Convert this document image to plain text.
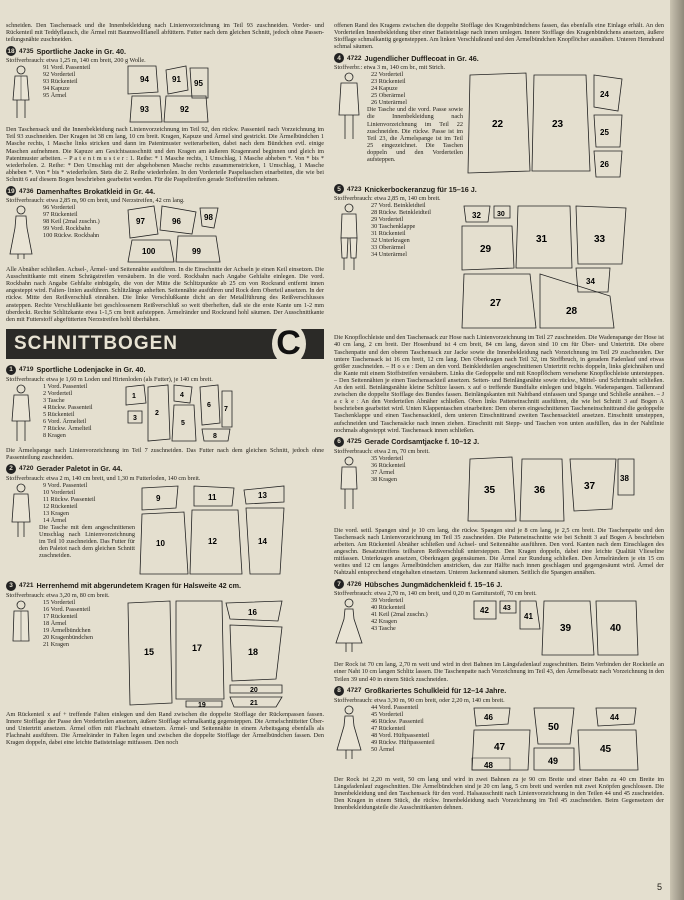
schneiden. Den Taschensack und die Innenbekleidung nach Linienvorzeichnung im Teil 93 zuschneiden. Vorder- und Rückenteil mit Teddyflausch, die Ärmel mit Baumwollflanell abfüttern. Futter nach dem gleichen Schnitt, jedoch ohne Passen- teilungsnähte zuschneiden.

18 4735 Sportliche Jacke in Gr. 40.
Stoffverbrauch: etwa 1,25 m, 140 cm breit, 200 g Wolle.
91 Vord. Passenteil
92 Vorderteil
93 Rückenteil
94 Kapuze
95 Ärmel
94	91 95
93	92

Den Taschensack und die Innenbekleidung nach Linienvorzeichnung im Teil 92, den rückw. Passenteil nach Vorzeichnung im Teil 93 zuschneiden. Der Kragen ist 38 cm lang, 10 cm breit. Kragen, Kapuze und Ärmel sind gestrickt. Die Ärmelbündchen 1 Masche rechts, 1 Masche links stricken und dann im Patentmuster weiterarbeiten, dabei nach dem Bündchen evtl. einige Maschen aufnehmen. Die Kapuze am Gesichtsausschnitt und den Kragen am äußeren Kragenrand beginnen und gleich im Patentmuster arbeiten. – P a t e n t m u s t e r : 1. Reihe: * 1 Masche rechts, 1 Umschlag, 1 Masche abheben *. Von * bis * wiederholen. 2. Reihe: * Den Umschlag mit der abgehobenen Masche rechts zusammenstricken, 1 Umschlag, 1 Masche abheben *. Von * bis * wiederholen. Stets die 2. Reihe wiederholen. In den Vorderteile Paspeltaschen einarbeiten, die wie bei Schnitt 6 auf diesem Bogen beschrieben gearbeitet werden. Für die Paspeltreifen gerade Stoffstreifen nehmen.

19 4736 Damenhaftes Brokatkleid in Gr. 44.
Stoffverbrauch: etwa 2,85 m, 90 cm breit, und Nerzstreifen, 42 cm lang.
96 Vorderteil
97 Rückenteil
98 Keil (2mal zuschn.)
99 Vord. Rockbahn
100 Rückw. Rockbahn
97	96	98
100	99

Alle Abnäher schließen. Achsel-, Ärmel- und Seitennähte ausführen. In die Einschnitte der Achseln je einen Keil einsetzen. Die Ausschnittkante mit einem Schrägstreifen versäubern. In die vord. Rockbahn nach Angabe Gehfalte einlegen. Die vord. Rockbahn nach Angabe Gehfalte einbügeln, die von der Mitte die Schlitzpunkte ab 25 cm von Rockrand entfernt innen angesteppt wird. Falten- linien ausführen. Schlitzlänge anheften. Seitennähte ausführen und Rock dem Oberteil ansetzen. In der rückw. Mitte den Reißverschluß einnähen. Die linke Verschlußkante dicht an der Metallführung des Reißverschlusses ansteppen. Rechte Verschlußkante bei geschlossenem Reißverschluß so weit überheften, daß sie die erste Kante um 1-2 mm überdeckt. Rechte Schlitzkante etwa 1-1,5 cm breit aufsteppen. Ärmelränder und Rockrand hohl säumen. Der Ausschnittkante den mit Futterstoff abgefütterten Nerzstreifen hohl überhähen.

SCHNITTBOGEN	C
1 4719 Sportliche Lodenjacke in Gr. 40.
Stoffverbrauch: etwa je 1,60 m Loden und Hirtenloden (als Futter), je 140 cm breit.
1 Vord. Passenteil
2 Vorderteil
3 Tasche
4 Rückw. Passenteil
5 Rückenteil
6 Vord. Ärmelteil
7 Rückw. Ärmelteil
8 Kragen
1
2
4
5
6
7
8
3

Die Ärmelspange nach Linienvorzeichnung im Teil 7 zuschneiden. Das Futter nach dem gleichen Schnitt, jedoch ohne Passenteilung zuschneiden.

2 4720 Gerader Paletot in Gr. 44.
Stoffverbrauch: etwa 2 m, 140 cm breit, und 1,30 m Futterloden, 140 cm breit.
9 Vord. Passenteil
10 Vorderteil
11 Rückw. Passenteil
12 Rückenteil
13 Kragen
14 Ärmel

Die Tasche mit dem angeschnittenen Umschlag nach Linienvorzeichnung im Teil 10 zuschneiden. Das Futter für den Paletot nach dem gleichen Schnitt zuschneiden.

9
10
11
12
13
14
3 4721 Herrenhemd mit abgerundetem Kragen für Halsweite 42 cm.
Stoffverbrauch: etwa 3,20 m, 80 cm breit.
15 Vorderteil
16 Vord. Passenteil
17 Rückenteil
18 Ärmel
19 Ärmelbündchen
20 Kragenbündchen
21 Kragen
15	17
16
18
20
21
19

Am Rückenteil x auf + treffende Falten einlegen und den Rand zwischen die doppelte Stofflage der Rückenpassen fassen. Innere Stofflage der Passe den Vorderteilen ansetzen, äußere Stofflage schmalkantig gegensteppen. Die Armelschnitteiter Über- und Untertritt ansetzen. Ärmel offen mit Flachnaht einsetzen. Ärmel- und Seitennähte in einem Arbeitsgang ebenfalls als Flachnaht ausführen. Die Ärmelränder in Falten legen und zwischen die doppelte Stofflage der Ärmelbündchen fassen. Den Kragen doppeln, dabei eine leichte Batisteinlage mitfassen. Den noch

offenen Rand des Kragens zwischen die doppelte Stofflage des Kragenbündchens fassen, das ebenfalls eine Einlage erhält. An den Vorderteilen Innenbekleidung über einer Batisteinlage nach innen umlegen. Innere Stofflage des Kragenbündchens ansetzen, äußere Stofflage schmalkantig gegensteppen. Am linken Verschlußrand und den Ärmelbündchen Knopflöcher ausnähen. Unteren Hemdrand schmal säumen.

4 4722 Jugendlicher Dufflecoat in Gr. 46.
Stoffverbr.: etwa 3 m, 140 cm br., mit Strich.
22 Vorderteil
23 Rückenteil
24 Kapuze
25 Oberärmel
26 Unterärmel

Die Tasche und die vord. Passe sowie die Innenbekleidung nach Linienvorzeichnung im Teil 22 zuschneiden. Die rückw. Passe ist im Teil 23, die Ärmelspange ist im Teil 25 eingezeichnet. Die Taschen doppeln und den Vorderteilen aufsteppen.

22	23
24
25
26
5 4723 Knickerbockeranzug für 15–16 J.
Stoffverbrauch: etwa 2,85 m, 140 cm breit.
27 Vord. Beinkleidteil
28 Rückw. Beinkleidteil
29 Vorderteil
30 Taschenklappe
31 Rückenteil
32 Unterkragen
33 Oberärmel
34 Unterärmel
32 30
29
31	33
34
27
28

Die Knopflochleiste und den Taschensack zur Hose nach Linienvorzeichnung im Teil 27 zuschneiden. Die Wadenspange der Hose ist 40 cm lang, 2 cm breit. Der Hosenbund ist 4 cm breit, 84 cm lang, davon sind 10 cm für Über- und Untertritt. Die obere Taschenpatte und den oberen Taschensack zur Jacke sowie die Innenbekleidung nach Vorzeichnung im Teil 29 zuschneiden. Der untere Taschensack ist 16 cm breit, 12 cm lang. Den Oberkragen nach Teil 32, im Stoffbruch, in geradem Fadenlauf und etwas größer zuschneiden. – H o s e : Dem an den vord. Beinkleidteilen angeschnittenen Untertritt rechts doppeln, links gleichnähen und die Kante mit einem Stoffstreifen versäubern. Links die Gedoppelte und mit Knopflöchern versehene Knopflochleiste untersteppen. – Den Seitennähten je einen Taschensackteil ansetzen. Seiten- und Beinlängsnähte sowie rückw., Mittel- und Schrittnaht schließen. An den seitl. Beinlängsnähte kleine Schlitze lassen. x auf o treffende Bundfalte einlegen und bügeln. Wadenspangen. Taillenrand zwischen die doppelte Stofflage des Bundes fassen. Beinlängskanten mit Nahtband einfassen und Spange und Schließe annähen. – J a c k e : An den Vorderteilen Abnäher schließen. Oben links Patteneinschnitt ausführen, die wie bei Schnitt 3 auf Bogen A beschrieben gearbeitet wird. Unten Klappentaschen einarbeiten: Dem oberen eingeschnittenen Tascheneinschnittrand die gedoppelte Taschenklappe und einen Taschensackteil, dem unteren Einschnittrand zweiten Taschensackteil ansetzen. Einschnitt umsteppen, aufschneiden und Taschensäcke nach innen ziehen. Einschnitt mit Stepp- und Taschen von unten ausfüllen, das in der Nahtlinie nochmals abgesteppt wird. Taschensack innen schließen.

6 4725 Gerade Cordsamtjacke f. 10–12 J.
Stoffverbrauch: etwa 2 m, 70 cm breit.
35 Vorderteil
36 Rückenteil
37 Ärmel
38 Kragen
35	36	37
38

Die vord. seitl. Spangen sind je 10 cm lang, die rückw. Spangen sind je 8 cm lang, je 2,5 cm breit. Die Taschenpatte und den Taschensack nach Linienvorzeichnung im Teil 35 zuschneiden. Die Patteneinschnitte wie bei Schnitt 3 auf Bogen A beschrieben arbeiten. Am Rückenteil Abnäher schließen und Achsel- und Seitennähte ausführen. Den vord. Kanten nach dem Einschlagen des angeschn. Besatzstreifens teilbaren Reißverschluß untersteppen. Den Kragen doppeln, dabei eine leichte Qualität Vlieseline mitfassen. Unterkragen ansetzen, Oberkragen gegensäumen. Die Ärmel zur Rundung schließen. Den Ärmelrändern je ein 15 cm weites und 12 cm langes Ärmelbündchen anstricken, das zur Hälfte nach innen geschlagen und gegengesäumt wird. Ärmel der Nahtzahl entsprechend eingehalten einsetzen. Unteren Jackenrand säumen. Seitlich die Spangen annähen.

7 4726 Hübsches Jungmädchenkleid f. 15–16 J.
Stoffverbrauch: etwa 2,70 m, 140 cm breit, und 0,20 m Garniturstoff, 70 cm breit.
39 Vorderteil
40 Rückenteil
41 Keil (2mal zuschn.)
42 Kragen
43 Tasche
42 43
41
39	40

Der Rock ist 70 cm lang, 2,70 m weit und wird in drei Bahnen im Längsfadenlauf zugeschnitten. Beim Verbinden der Rockteile an einer Naht 10 cm langen Schlitz lassen. Die Taschenpatte nach Vorzeichnung im Teil 43, den Ärmelbesatz nach Vorzeichnung in den Teilen 39 und 40 in einem Stück zuschneiden.

8 4727 Großkariertes Schulkleid für 12–14 Jahre.
Stoffverbrauch: etwa 3,30 m, 90 cm breit, oder 2,20 m, 140 cm breit.
44 Vord. Passenteil
45 Vorderteil
46 Rückw. Passenteil
47 Rückenteil
48 Vord. Hüftpassenteil
49 Rückw. Hüftpassenteil
50 Ärmel
46	44
47	45
50
49
48

Der Rock ist 2,20 m weit, 50 cm lang und wird in zwei Bahnen zu je 90 cm Breite und einer Bahn zu 40 cm Breite im Längsfadenlauf zugeschnitten. Die Ärmelbündchen sind je 20 cm lang, 5 cm breit und werden mit zwei Knöpfen geschlossen. Die Innenbekleidung und den Taschensack für den vord. Halsausschnitt nach Linienvorzeichnung in den Teilen 44 und 45 zuschneiden. Den Kragen in einem Stück, die rückw. Innenbekleidung nach Vorzeichnung im Teil 45 zuschneiden. Beim Gegensetzen der Innenbekleidungsteile die Ausschnittkanten dehnen.

5
